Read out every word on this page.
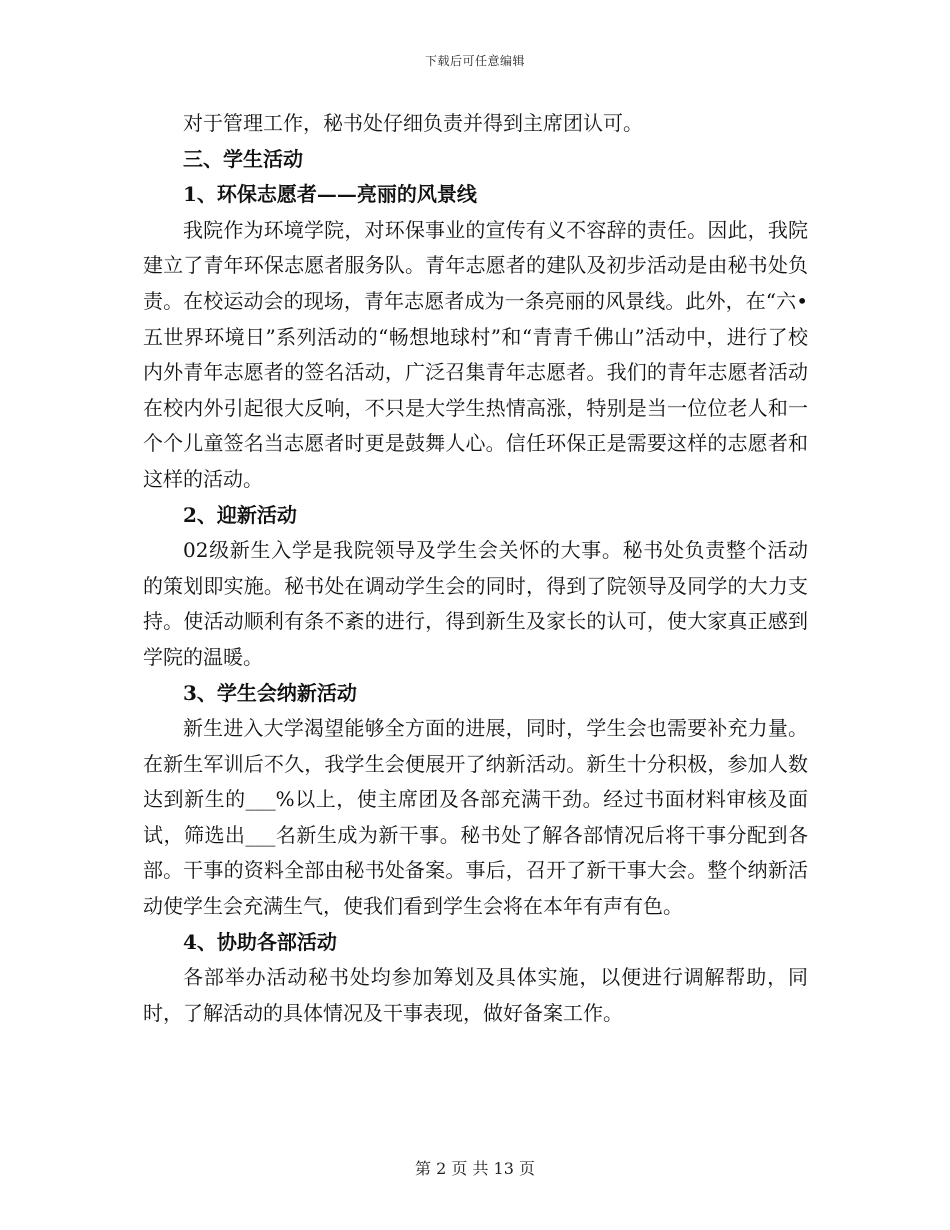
下载后可任意编辑

对于管理工作，秘书处仔细负责并得到主席团认可。

三、学生活动

1、环保志愿者——亮丽的风景线

我院作为环境学院，对环保事业的宣传有义不容辞的责任。因此，我院建立了青年环保志愿者服务队。青年志愿者的建队及初步活动是由秘书处负责。在校运动会的现场，青年志愿者成为一条亮丽的风景线。此外，在“六•五世界环境日”系列活动的“畅想地球村”和“青青千佛山”活动中，进行了校内外青年志愿者的签名活动，广泛召集青年志愿者。我们的青年志愿者活动在校内外引起很大反响，不只是大学生热情高涨，特别是当一位位老人和一个个儿童签名当志愿者时更是鼓舞人心。信任环保正是需要这样的志愿者和这样的活动。

2、迎新活动

02级新生入学是我院领导及学生会关怀的大事。秘书处负责整个活动的策划即实施。秘书处在调动学生会的同时，得到了院领导及同学的大力支持。使活动顺利有条不紊的进行，得到新生及家长的认可，使大家真正感到学院的温暖。

3、学生会纳新活动

新生进入大学渴望能够全方面的进展，同时，学生会也需要补充力量。在新生军训后不久，我学生会便展开了纳新活动。新生十分积极，参加人数达到新生的___%以上，使主席团及各部充满干劲。经过书面材料审核及面试，筛选出___名新生成为新干事。秘书处了解各部情况后将干事分配到各部。干事的资料全部由秘书处备案。事后，召开了新干事大会。整个纳新活动使学生会充满生气，使我们看到学生会将在本年有声有色。

4、协助各部活动

各部举办活动秘书处均参加筹划及具体实施，以便进行调解帮助，同时，了解活动的具体情况及干事表现，做好备案工作。

第 2 页 共 13 页
